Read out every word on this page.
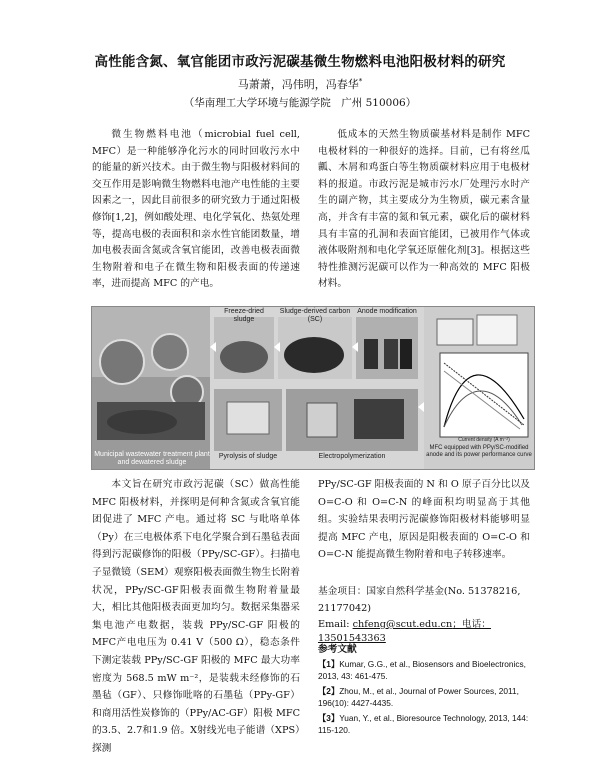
高性能含氮、氧官能团市政污泥碳基微生物燃料电池阳极材料的研究
马萧萧，冯伟明，冯春华*
（华南理工大学环境与能源学院　广州 510006）
微生物燃料电池（microbial fuel cell, MFC）是一种能够净化污水的同时回收污水中的能量的新兴技术。由于微生物与阳极材料间的交互作用是影响微生物燃料电池产电性能的主要因素之一，因此目前很多的研究致力于通过阳极修饰[1,2]，例如酸处理、电化学氧化、热氨处理等，提高电极的表面积和亲水性官能团数量，增加电极表面含氮或含氧官能团，改善电极表面微生物附着和电子在微生物和阳极表面的传递速率，进而提高 MFC 的产电。
低成本的天然生物质碳基材料是制作 MFC 电极材料的一种很好的选择。目前，已有将丝瓜瓤、木屑和鸡蛋白等生物质碳材料应用于电极材料的报道。市政污泥是城市污水厂处理污水时产生的副产物，其主要成分为生物质，碳元素含量高，并含有丰富的氮和氧元素，碳化后的碳材料具有丰富的孔洞和表面官能团，已被用作气体或液体吸附剂和电化学氧还原催化剂[3]。根据这些特性推测污泥碳可以作为一种高效的 MFC 阳极材料。
Freeze-dried sludge
Sludge-derived carbon (SC)
Anode modification
Municipal wastewater treatment plant and dewatered sludge
Pyrolysis of sludge	Electropolymerization
MFC equipped with PPy/SC-modified anode and its power performance curve
Current density (A m⁻²)
本文旨在研究市政污泥碳（SC）做高性能 MFC 阳极材料，并探明是何种含氮或含氧官能团促进了 MFC 产电。通过将 SC 与吡咯单体（Py）在三电极体系下电化学聚合到石墨毡表面得到污泥碳修饰的阳极（PPy/SC-GF）。扫描电子显微镜（SEM）观察阳极表面微生物生长附着状况，PPy/SC-GF阳极表面微生物附着量最大，相比其他阳极表面更加均匀。数据采集器采集电池产电数据，装载 PPy/SC-GF 阳极的 MFC产电电压为 0.41 V（500 Ω），稳态条件下测定装载 PPy/SC-GF 阳极的 MFC 最大功率密度为 568.5 mW m⁻²，是装载未经修饰的石墨毡（GF）、只修饰吡咯的石墨毡（PPy-GF）和商用活性炭修饰的（PPy/AC-GF）阳极 MFC 的3.5、2.7和1.9 倍。X射线光电子能谱（XPS）探测
PPy/SC-GF 阳极表面的 N 和 O 原子百分比以及 O=C-O 和 O=C-N 的峰面积均明显高于其他组。实验结果表明污泥碳修饰阳极材料能够明显提高 MFC 产电，原因是阳极表面的 O=C-O 和 O=C-N 能提高微生物附着和电子转移速率。
基金项目：国家自然科学基金(No. 51378216, 21177042)
Email: chfeng@scut.edu.cn；电话：13501543363
参考文献
【1】Kumar, G.G., et al., Biosensors and Bioelectronics, 2013, 43: 461-475.
【2】Zhou, M., et al., Journal of Power Sources, 2011, 196(10): 4427-4435.
【3】Yuan, Y., et al., Bioresource Technology, 2013, 144: 115-120.
